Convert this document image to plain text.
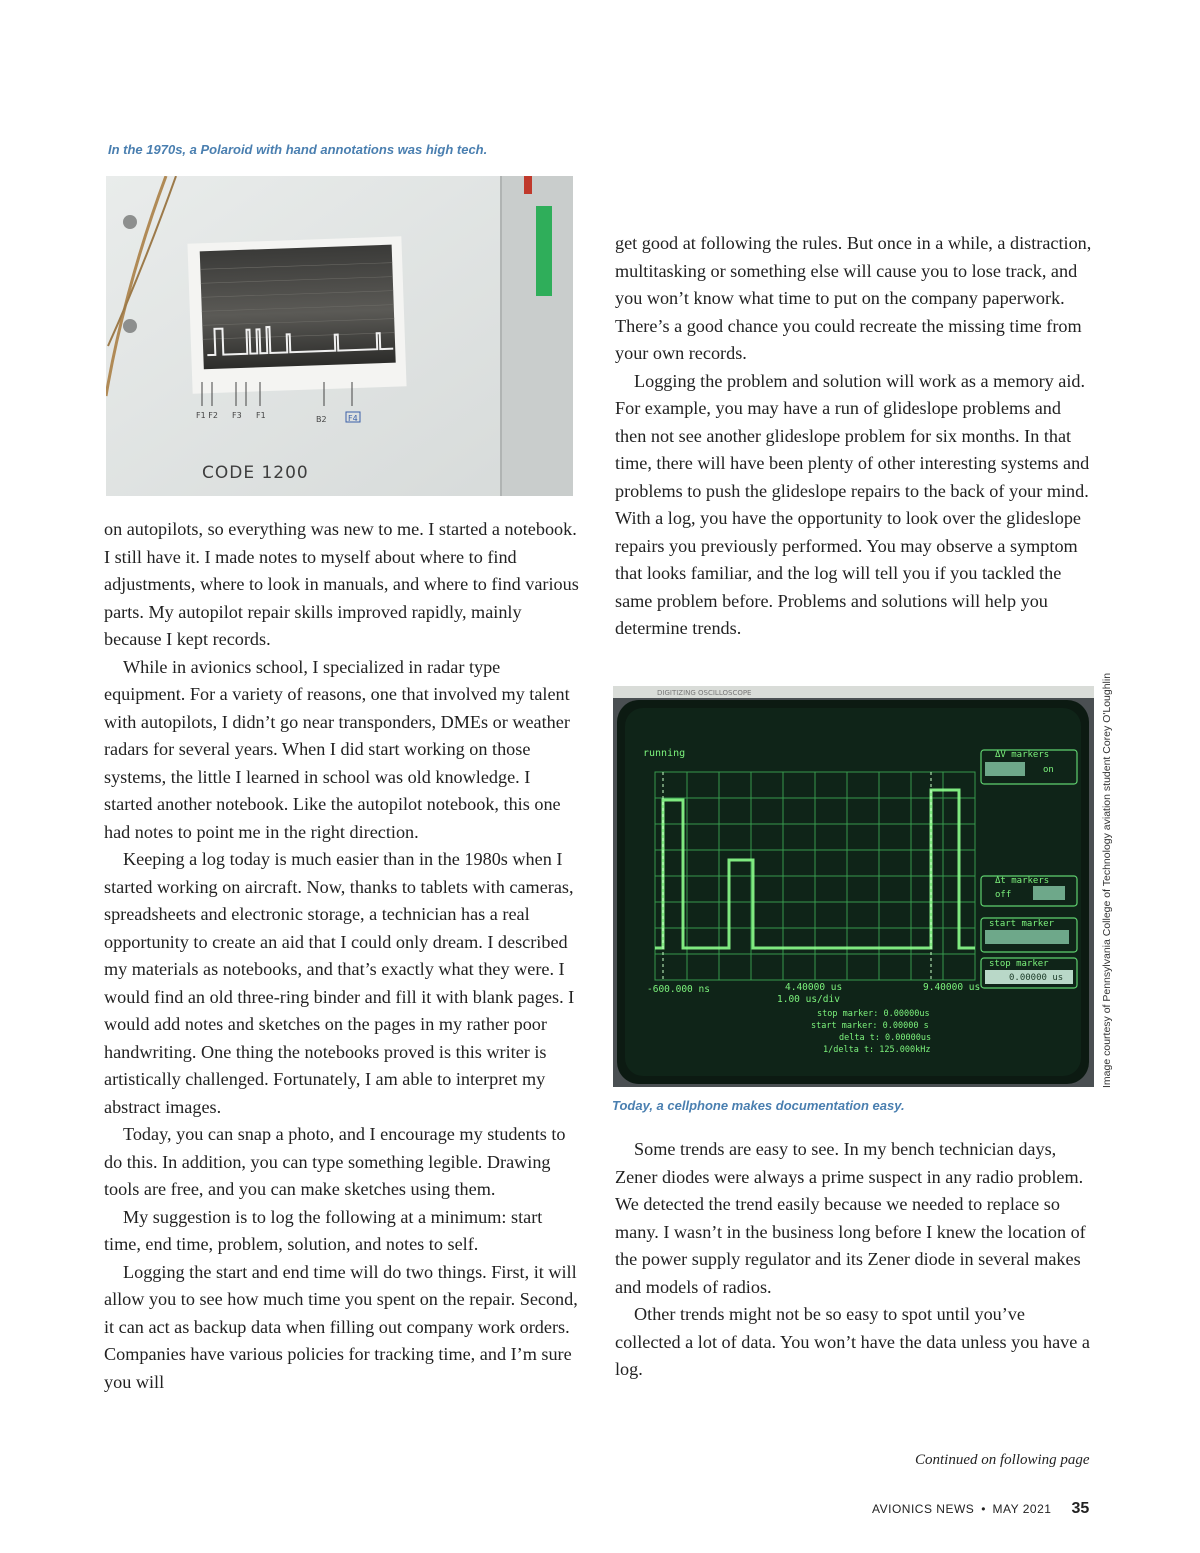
In the 1970s, a Polaroid with hand annotations was high tech.
F1 F2 F3 F1	B2	F4
CODE 1200

on autopilots, so everything was new to me. I started a notebook. I still have it. I made notes to myself about where to find adjustments, where to look in manuals, and where to find various parts. My autopilot repair skills improved rapidly, mainly because I kept records.

While in avionics school, I specialized in radar type equipment. For a variety of reasons, one that involved my talent with autopilots, I didn’t go near transponders, DMEs or weather radars for several years. When I did start working on those systems, the little I learned in school was old knowledge. I started another notebook. Like the autopilot notebook, this one had notes to point me in the right direction.

Keeping a log today is much easier than in the 1980s when I started working on aircraft. Now, thanks to tablets with cameras, spreadsheets and electronic storage, a technician has a real opportunity to create an aid that I could only dream. I described my materials as notebooks, and that’s exactly what they were. I would find an old three-ring binder and fill it with blank pages. I would add notes and sketches on the pages in my rather poor handwriting. One thing the notebooks proved is this writer is artistically challenged. Fortunately, I am able to interpret my abstract images.

Today, you can snap a photo, and I encourage my students to do this. In addition, you can type something legible. Drawing tools are free, and you can make sketches using them.

My suggestion is to log the following at a minimum: start time, end time, problem, solution, and notes to self.

Logging the start and end time will do two things. First, it will allow you to see how much time you spent on the repair. Second, it can act as backup data when filling out company work orders. Companies have various policies for tracking time, and I’m sure you will

get good at following the rules. But once in a while, a distraction, multitasking or something else will cause you to lose track, and you won’t know what time to put on the company paperwork. There’s a good chance you could recreate the missing time from your own records.

Logging the problem and solution will work as a memory aid. For example, you may have a run of glideslope problems and then not see another glideslope problem for six months. In that time, there will have been plenty of other interesting systems and problems to push the glideslope repairs to the back of your mind. With a log, you have the opportunity to look over the glideslope repairs you previously performed. You may observe a symptom that looks familiar, and the log will tell you if you tackled the same problem before. Problems and solutions will help you determine trends.

DIGITIZING OSCILLOSCOPE
running	ΔV markers
on
Δt markers
off
start marker
stop marker
0.00000 us
-600.000 ns	4.40000 us
1.00 us/div
9.40000 us
stop marker: 0.00000us
start marker: 0.00000 s
delta t: 0.00000us
1/delta t: 125.000kHz	Image courtesy of Pennsylvania College of Technology aviation student Corey O'Loughlin
Today, a cellphone makes documentation easy.

Some trends are easy to see. In my bench technician days, Zener diodes were always a prime suspect in any radio problem. We detected the trend easily because we needed to replace so many. I wasn’t in the business long before I knew the location of the power supply regulator and its Zener diode in several makes and models of radios.

Other trends might not be so easy to spot until you’ve collected a lot of data. You won’t have the data unless you have a log.

Continued on following page
AVIONICS NEWS • MAY 2021 35
